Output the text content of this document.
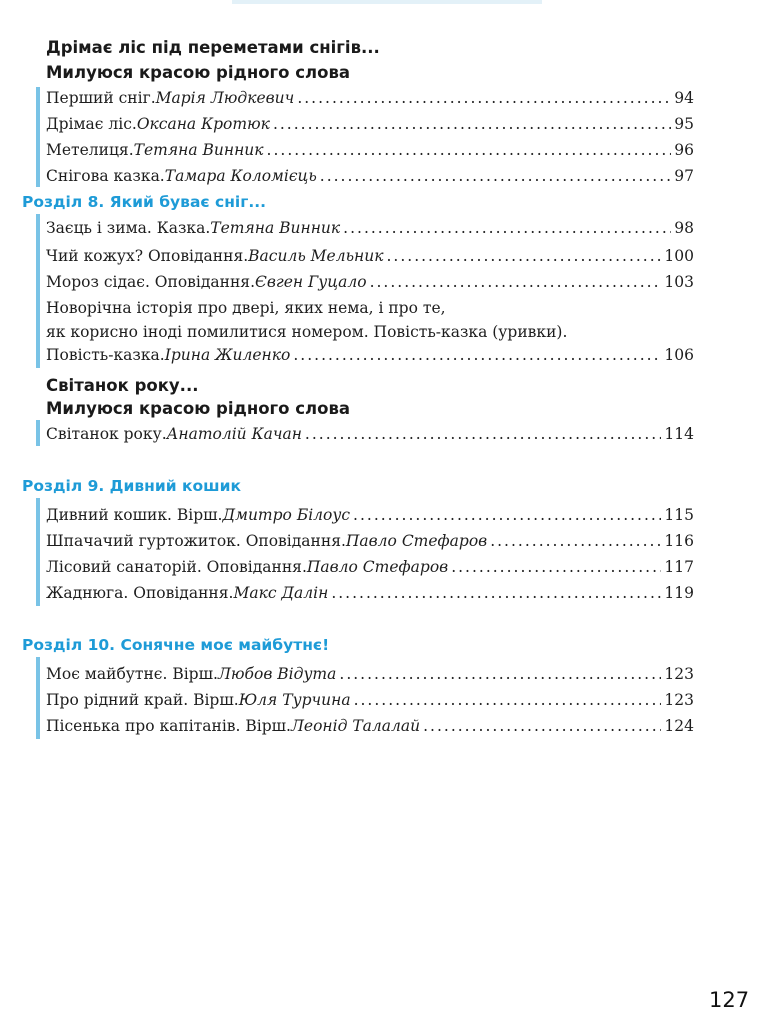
Дрімає ліс під переметами снігів...
Милуюся красою рідного слова
Перший сніг. Марія Людкевич .....	94
Дрімає ліс. Оксана Кротюк .....	95
Метелиця. Тетяна Винник .....	96
Снігова казка. Тамара Коломієць .....	97
Розділ 8. Який буває сніг...
Заєць і зима. Казка. Тетяна Винник .....	98
Чий кожух? Оповідання. Василь Мельник .....	100
Мороз сідає. Оповідання. Євген Гуцало .....	103
Новорічна історія про двері, яких нема, і про те,
як корисно іноді помилитися номером. Повість-казка (уривки).
Повість-казка. Ірина Жиленко .....	106
Світанок року...
Милуюся красою рідного слова
Світанок року. Анатолій Качан .....	114
Розділ 9. Дивний кошик
Дивний кошик. Вірш. Дмитро Білоус .....	115
Шпачачий гуртожиток. Оповідання. Павло Стефаров .....	116
Лісовий санаторій. Оповідання. Павло Стефаров .....	117
Жаднюга. Оповідання. Макс Далін .....	119
Розділ 10. Сонячне моє майбутнє!
Моє майбутнє. Вірш. Любов Відута .....	123
Про рідний край. Вірш. Юля Турчина .....	123
Пісенька про капітанів. Вірш. Леонід Талалай .....	124
127
